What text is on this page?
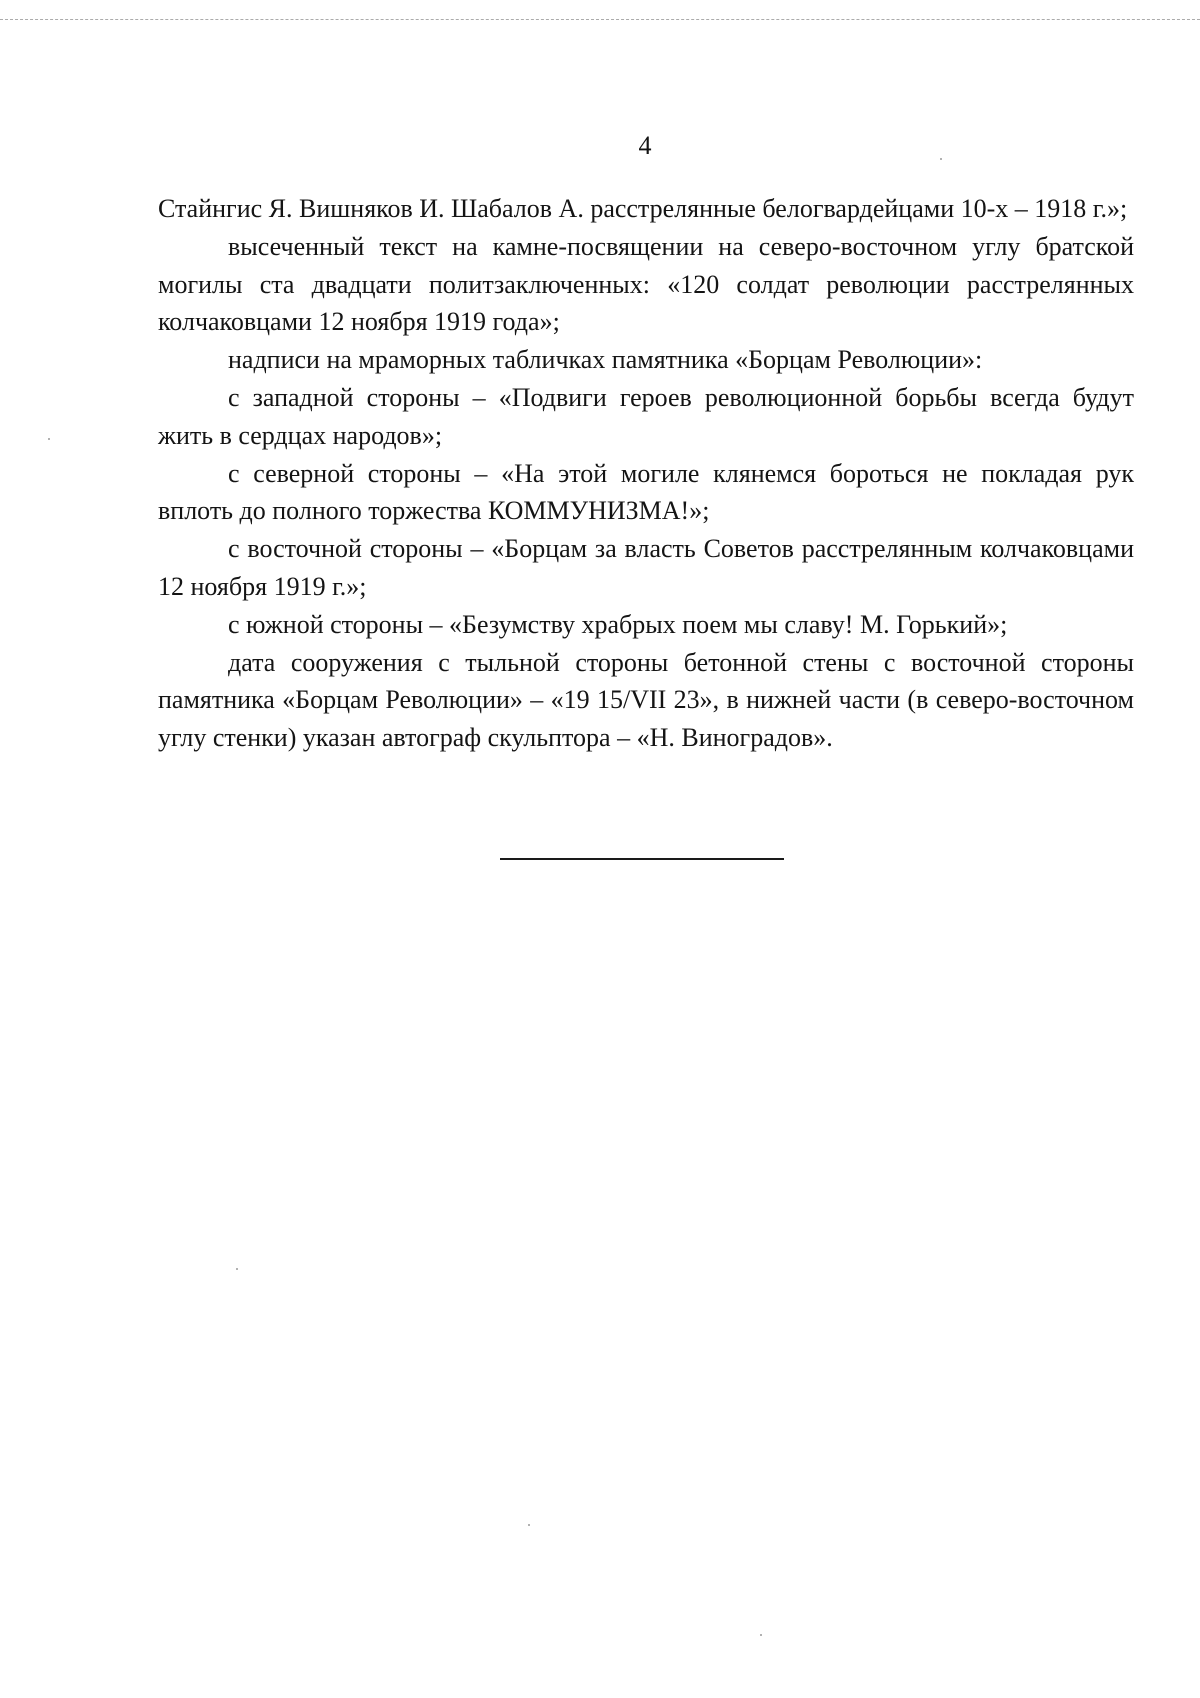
4

Стайнгис Я. Вишняков И. Шабалов А. расстрелянные белогвардейцами 10-х – 1918 г.»;

высеченный текст на камне-посвящении на северо-восточном углу братской могилы ста двадцати политзаключенных: «120 солдат революции расстрелянных колчаковцами 12 ноября 1919 года»;

надписи на мраморных табличках памятника «Борцам Революции»:

с западной стороны – «Подвиги героев революционной борьбы всегда будут жить в сердцах народов»;

с северной стороны – «На этой могиле клянемся бороться не покладая рук вплоть до полного торжества КОММУНИЗМА!»;

с восточной стороны – «Борцам за власть Советов расстрелянным колчаковцами 12 ноября 1919 г.»;

с южной стороны – «Безумству храбрых поем мы славу! М. Горький»;

дата сооружения с тыльной стороны бетонной стены с восточной стороны памятника «Борцам Революции» – «19 15/VII 23», в нижней части (в северо-восточном углу стенки) указан автограф скульптора – «Н. Виноградов».
